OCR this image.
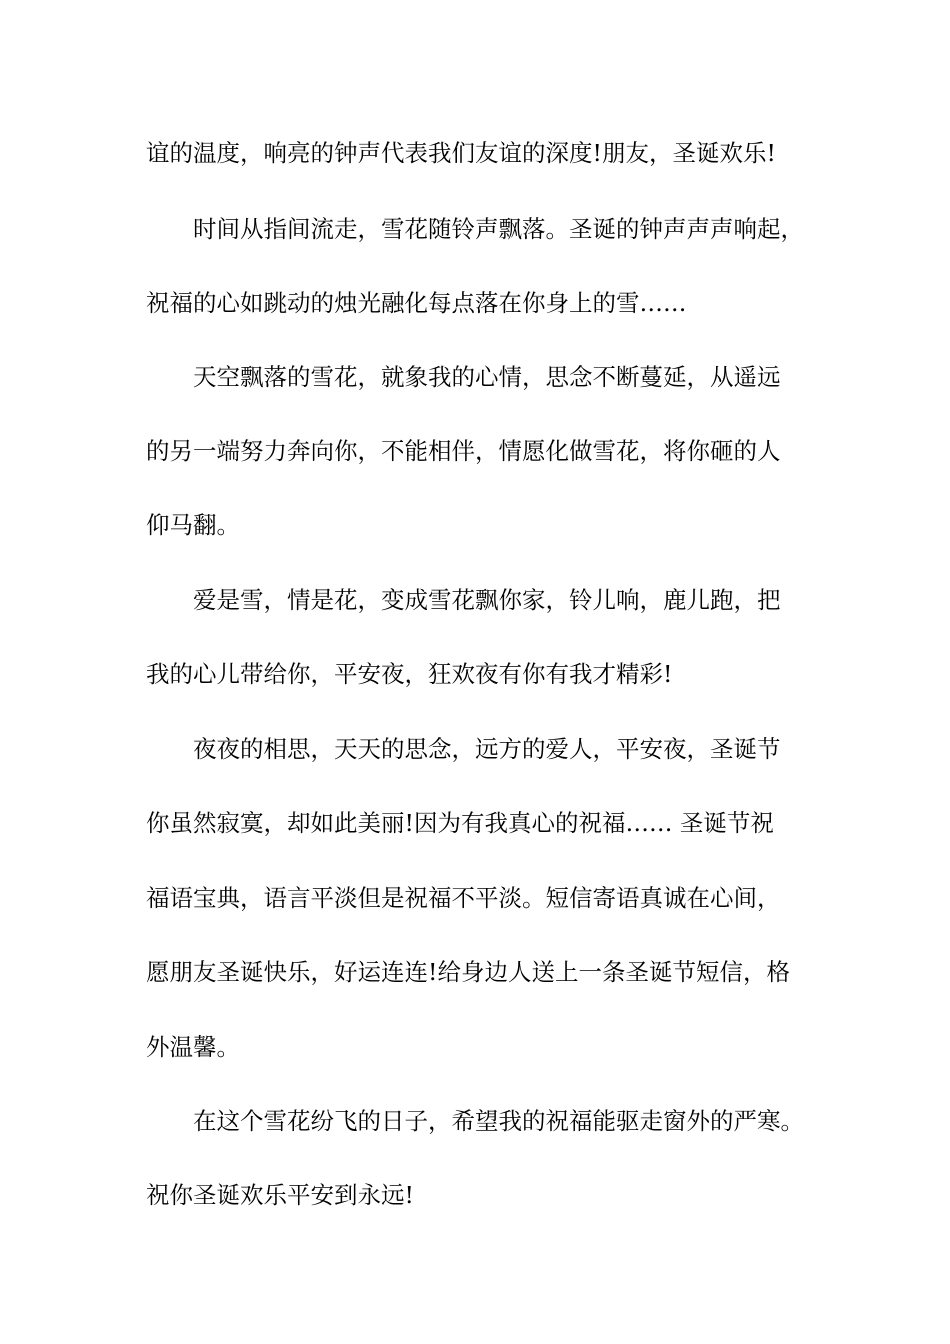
谊的温度，响亮的钟声代表我们友谊的深度!朋友，圣诞欢乐!
时间从指间流走，雪花随铃声飘落。圣诞的钟声声声响起，
祝福的心如跳动的烛光融化每点落在你身上的雪……
天空飘落的雪花，就象我的心情，思念不断蔓延，从遥远
的另一端努力奔向你，不能相伴，情愿化做雪花，将你砸的人
仰马翻。
爱是雪，情是花，变成雪花飘你家，铃儿响，鹿儿跑，把
我的心儿带给你，平安夜，狂欢夜有你有我才精彩!
夜夜的相思，天天的思念，远方的爱人，平安夜，圣诞节
你虽然寂寞，却如此美丽!因为有我真心的祝福…… 圣诞节祝
福语宝典，语言平淡但是祝福不平淡。短信寄语真诚在心间，
愿朋友圣诞快乐，好运连连!给身边人送上一条圣诞节短信，格
外温馨。
在这个雪花纷飞的日子，希望我的祝福能驱走窗外的严寒。
祝你圣诞欢乐平安到永远!
